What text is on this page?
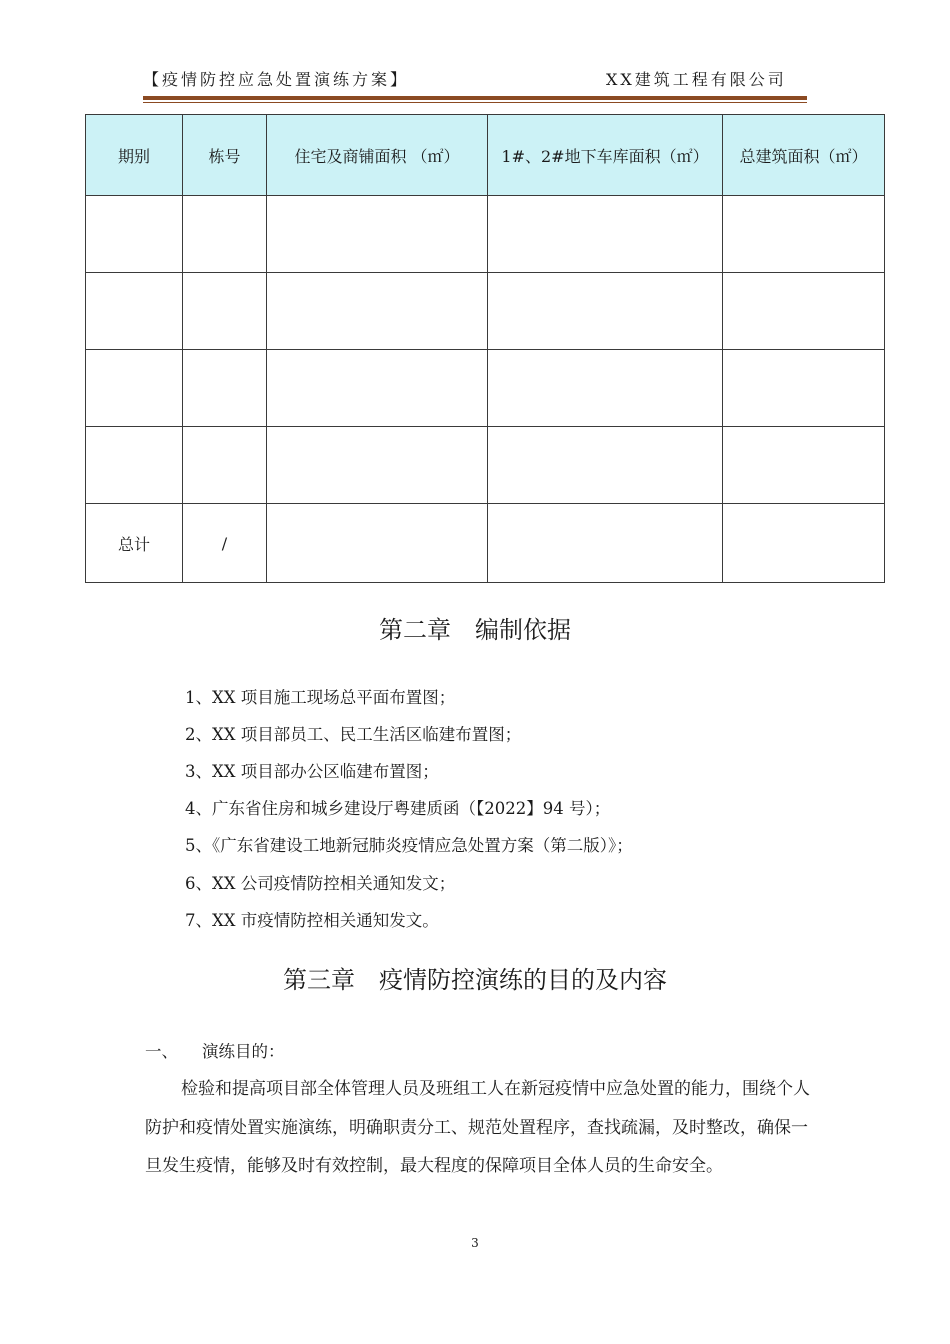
【疫情防控应急处置演练方案】	XX建筑工程有限公司
期别	栋号	住宅及商铺面积 （㎡）	1#、2#地下车库面积（㎡）	总建筑面积（㎡）

总计	/			
第二章　编制依据
1、XX 项目施工现场总平面布置图；
2、XX 项目部员工、民工生活区临建布置图；
3、XX 项目部办公区临建布置图；
4、广东省住房和城乡建设厅粤建质函（【2022】94 号）；
5、《广东省建设工地新冠肺炎疫情应急处置方案（第二版）》；
6、XX 公司疫情防控相关通知发文；
7、XX 市疫情防控相关通知发文。
第三章　疫情防控演练的目的及内容
一、 演练目的：
检验和提高项目部全体管理人员及班组工人在新冠疫情中应急处置的能力，围绕个人防护和疫情处置实施演练，明确职责分工、规范处置程序，查找疏漏，及时整改，确保一旦发生疫情，能够及时有效控制，最大程度的保障项目全体人员的生命安全。
3
